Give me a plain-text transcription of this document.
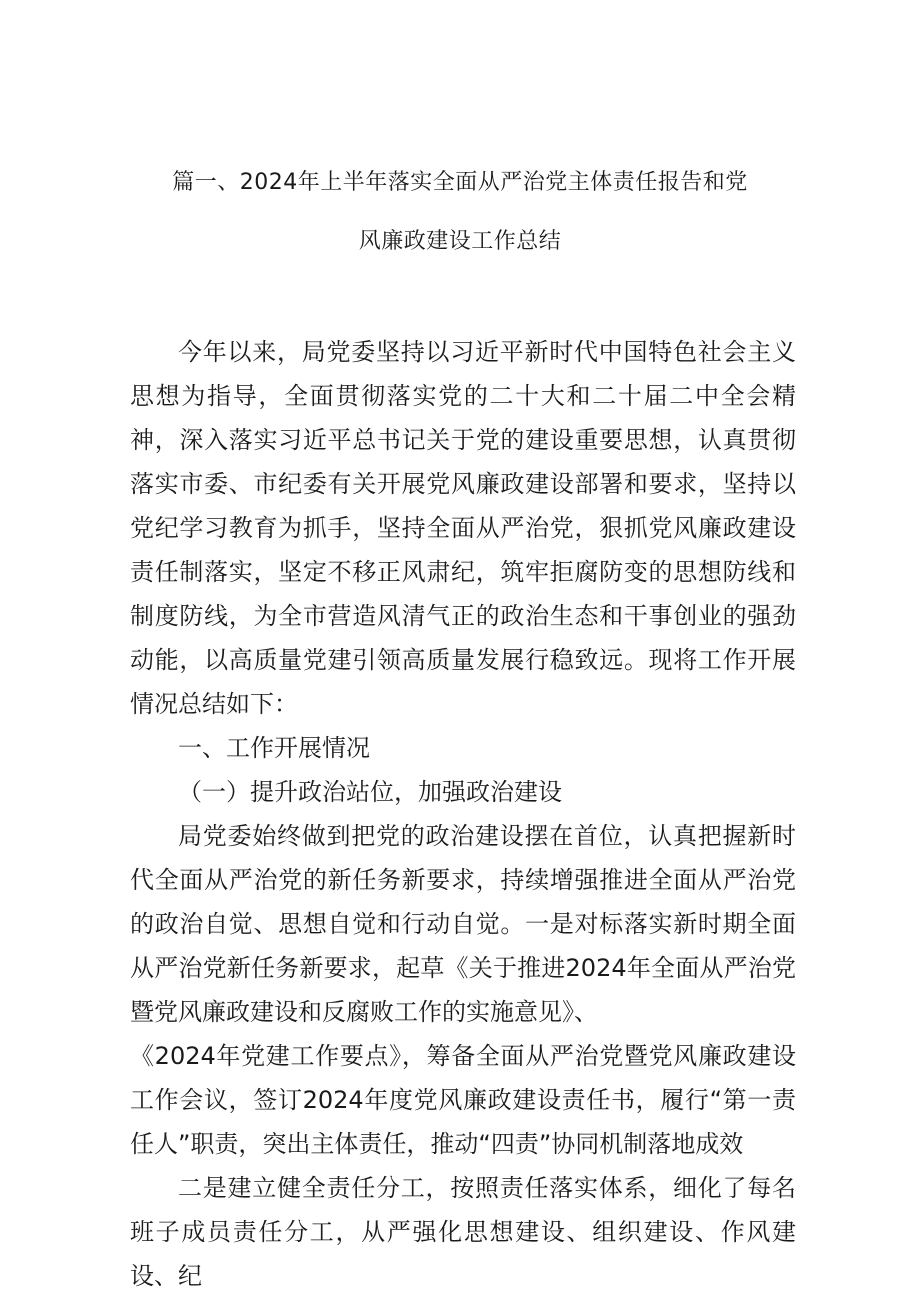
篇一、2024年上半年落实全面从严治党主体责任报告和党
风廉政建设工作总结

今年以来，局党委坚持以习近平新时代中国特色社会主义思想为指导，全面贯彻落实党的二十大和二十届二中全会精神，深入落实习近平总书记关于党的建设重要思想，认真贯彻落实市委、市纪委有关开展党风廉政建设部署和要求，坚持以党纪学习教育为抓手，坚持全面从严治党，狠抓党风廉政建设责任制落实，坚定不移正风肃纪，筑牢拒腐防变的思想防线和制度防线，为全市营造风清气正的政治生态和干事创业的强劲动能，以高质量党建引领高质量发展行稳致远。现将工作开展情况总结如下：

一、工作开展情况

（一）提升政治站位，加强政治建设

局党委始终做到把党的政治建设摆在首位，认真把握新时代全面从严治党的新任务新要求，持续增强推进全面从严治党的政治自觉、思想自觉和行动自觉。一是对标落实新时期全面从严治党新任务新要求，起草《关于推进2024年全面从严治党暨党风廉政建设和反腐败工作的实施意见》、

《2024年党建工作要点》，筹备全面从严治党暨党风廉政建设工作会议，签订2024年度党风廉政建设责任书，履行“第一责任人”职责，突出主体责任，推动“四责”协同机制落地成效

二是建立健全责任分工，按照责任落实体系，细化了每名班子成员责任分工，从严强化思想建设、组织建设、作风建设、纪
